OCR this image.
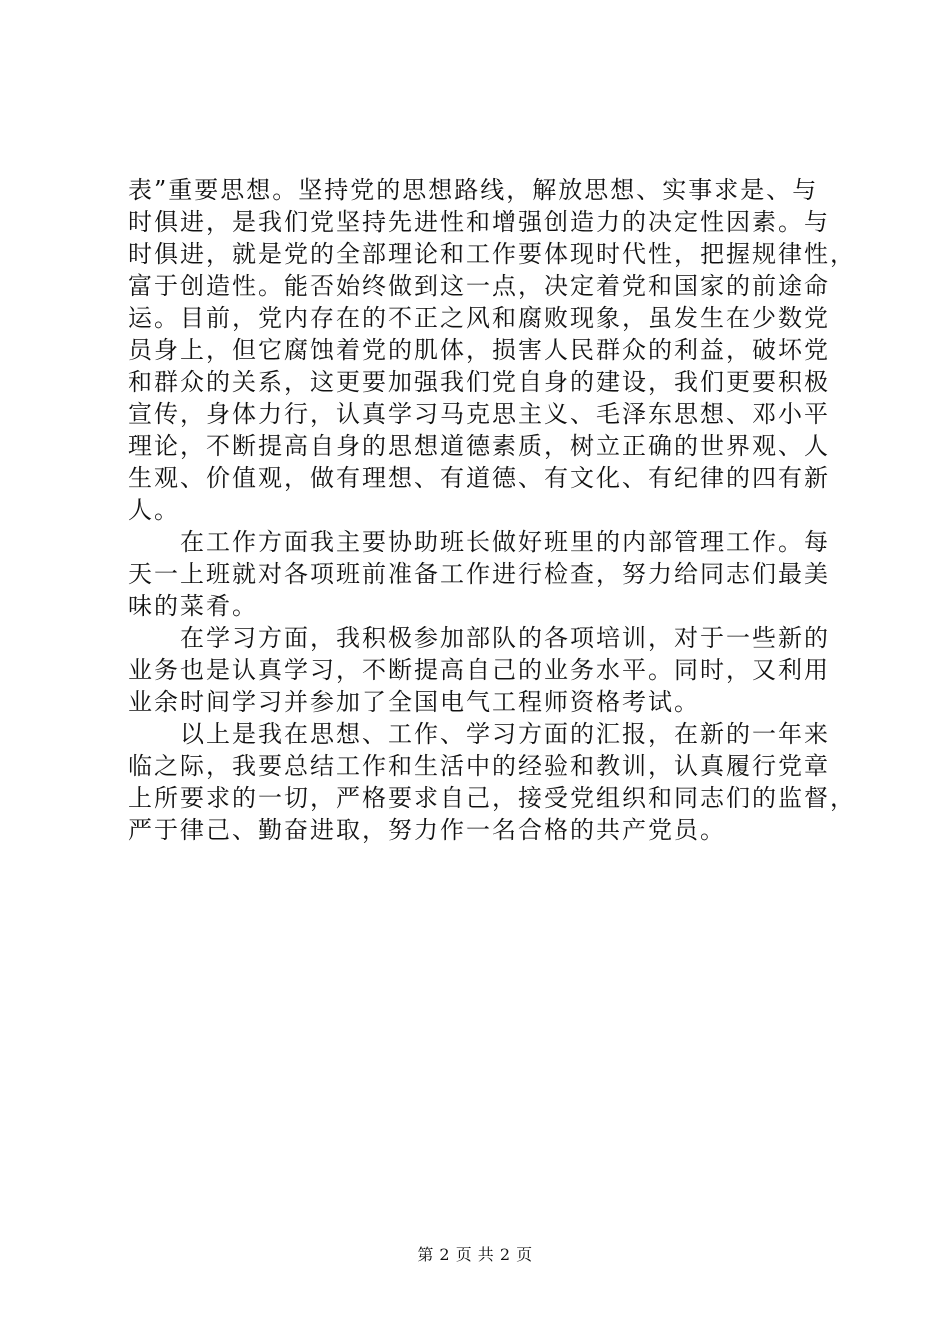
表”重要思想。坚持党的思想路线，解放思想、实事求是、与
时俱进，是我们党坚持先进性和增强创造力的决定性因素。与
时俱进，就是党的全部理论和工作要体现时代性，把握规律性，
富于创造性。能否始终做到这一点，决定着党和国家的前途命
运。目前，党内存在的不正之风和腐败现象，虽发生在少数党
员身上，但它腐蚀着党的肌体，损害人民群众的利益，破坏党
和群众的关系，这更要加强我们党自身的建设，我们更要积极
宣传，身体力行，认真学习马克思主义、毛泽东思想、邓小平
理论，不断提高自身的思想道德素质，树立正确的世界观、人
生观、价值观，做有理想、有道德、有文化、有纪律的四有新
人。
　　在工作方面我主要协助班长做好班里的内部管理工作。每
天一上班就对各项班前准备工作进行检查，努力给同志们最美
味的菜肴。
　　在学习方面，我积极参加部队的各项培训，对于一些新的
业务也是认真学习，不断提高自己的业务水平。同时，又利用
业余时间学习并参加了全国电气工程师资格考试。
　　以上是我在思想、工作、学习方面的汇报，在新的一年来
临之际，我要总结工作和生活中的经验和教训，认真履行党章
上所要求的一切，严格要求自己，接受党组织和同志们的监督，
严于律己、勤奋进取，努力作一名合格的共产党员。
第 2 页 共 2 页
